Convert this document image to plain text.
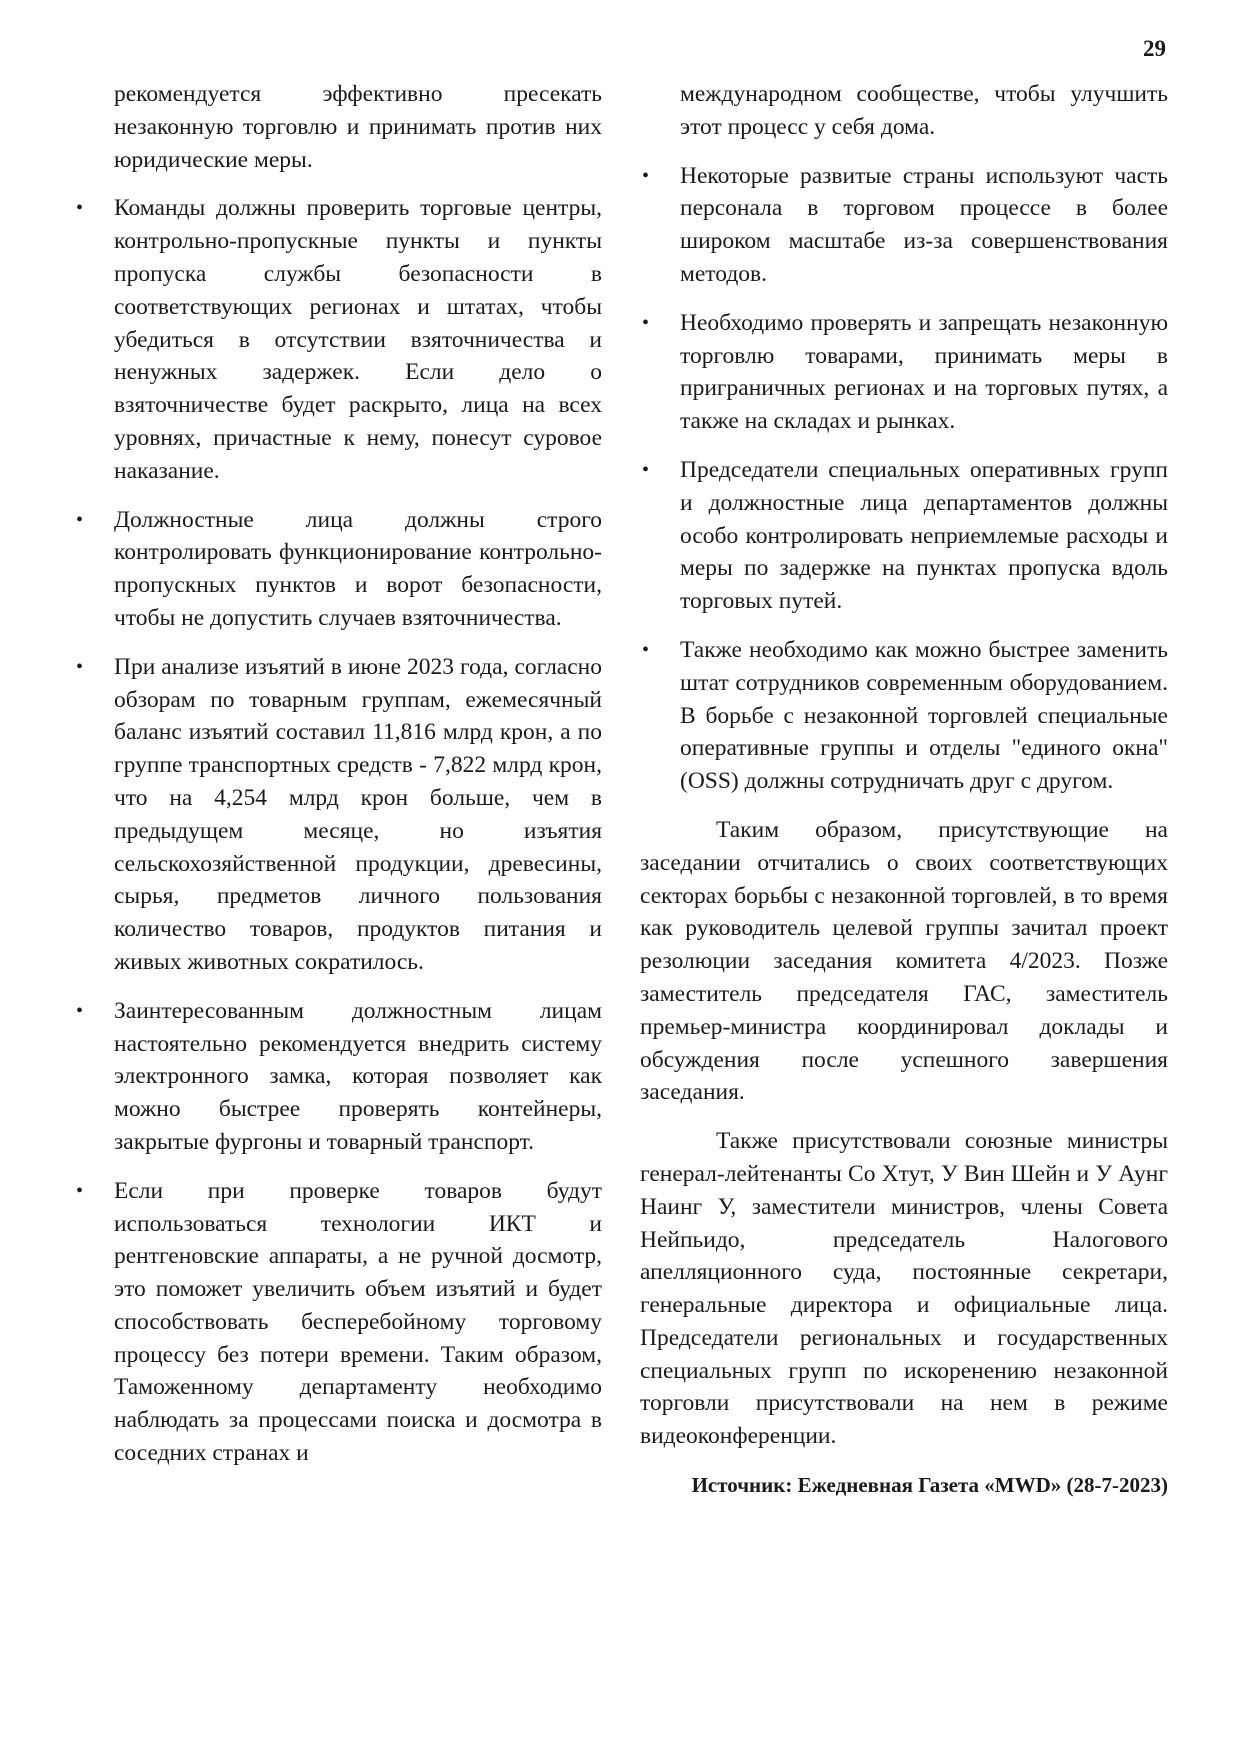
29

рекомендуется эффективно пресекать незаконную торговлю и принимать против них юридические меры.

• Команды должны проверить торговые центры, контрольно-пропускные пункты и пункты пропуска службы безопасности в соответствующих регионах и штатах, чтобы убедиться в отсутствии взяточничества и ненужных задержек. Если дело о взяточничестве будет раскрыто, лица на всех уровнях, причастные к нему, понесут суровое наказание.
• Должностные лица должны строго контролировать функционирование контрольно-пропускных пунктов и ворот безопасности, чтобы не допустить случаев взяточничества.
• При анализе изъятий в июне 2023 года, согласно обзорам по товарным группам, ежемесячный баланс изъятий составил 11,816 млрд крон, а по группе транспортных средств - 7,822 млрд крон, что на 4,254 млрд крон больше, чем в предыдущем месяце, но изъятия сельскохозяйственной продукции, древесины, сырья, предметов личного пользования количество товаров, продуктов питания и живых животных сократилось.
• Заинтересованным должностным лицам настоятельно рекомендуется внедрить систему электронного замка, которая позволяет как можно быстрее проверять контейнеры, закрытые фургоны и товарный транспорт.
• Если при проверке товаров будут использоваться технологии ИКТ и рентгеновские аппараты, а не ручной досмотр, это поможет увеличить объем изъятий и будет способствовать бесперебойному торговому процессу без потери времени. Таким образом, Таможенному департаменту необходимо наблюдать за процессами поиска и досмотра в соседних странах и

международном сообществе, чтобы улучшить этот процесс у себя дома.

• Некоторые развитые страны используют часть персонала в торговом процессе в более широком масштабе из-за совершенствования методов.
• Необходимо проверять и запрещать незаконную торговлю товарами, принимать меры в приграничных регионах и на торговых путях, а также на складах и рынках.
• Председатели специальных оперативных групп и должностные лица департаментов должны особо контролировать неприемлемые расходы и меры по задержке на пунктах пропуска вдоль торговых путей.
• Также необходимо как можно быстрее заменить штат сотрудников современным оборудованием. В борьбе с незаконной торговлей специальные оперативные группы и отделы "единого окна" (OSS) должны сотрудничать друг с другом.

Таким образом, присутствующие на заседании отчитались о своих соответствующих секторах борьбы с незаконной торговлей, в то время как руководитель целевой группы зачитал проект резолюции заседания комитета 4/2023. Позже заместитель председателя ГАС, заместитель премьер-министра координировал доклады и обсуждения после успешного завершения заседания.

Также присутствовали союзные министры генерал-лейтенанты Со Хтут, У Вин Шейн и У Аунг Наинг У, заместители министров, члены Совета Нейпьидо, председатель Налогового апелляционного суда, постоянные секретари, генеральные директора и официальные лица. Председатели региональных и государственных специальных групп по искоренению незаконной торговли присутствовали на нем в режиме видеоконференции.

Источник: Ежедневная Газета «MWD» (28-7-2023)
